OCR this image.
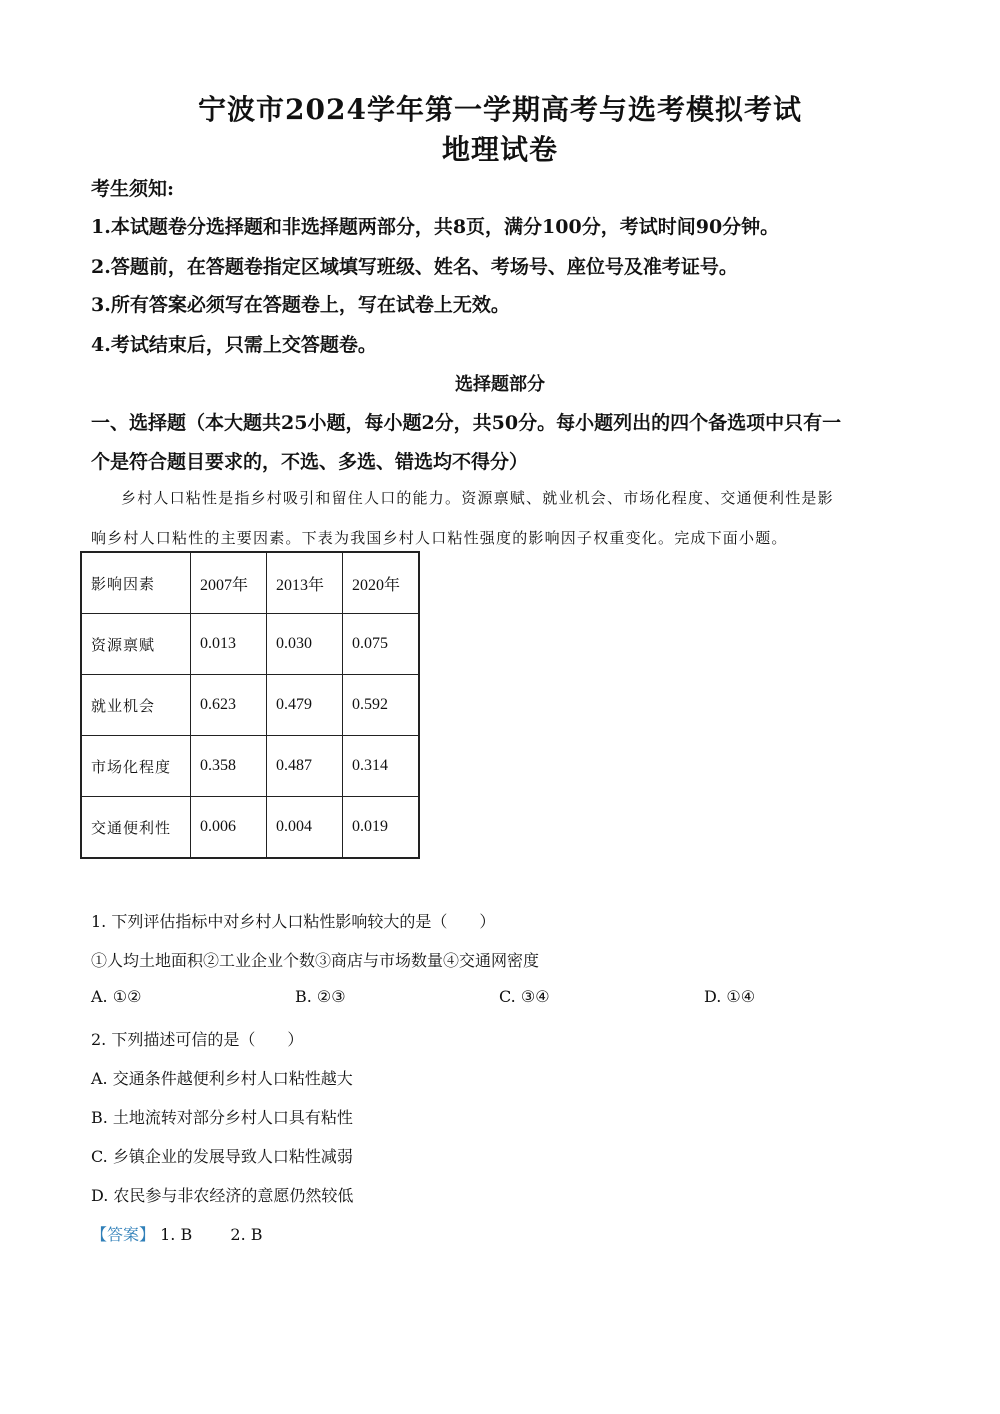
宁波市2024学年第一学期高考与选考模拟考试
地理试卷
考生须知:
1.本试题卷分选择题和非选择题两部分，共8页，满分100分，考试时间90分钟。
2.答题前，在答题卷指定区域填写班级、姓名、考场号、座位号及准考证号。
3.所有答案必须写在答题卷上，写在试卷上无效。
4.考试结束后，只需上交答题卷。
选择题部分
一、选择题（本大题共25小题，每小题2分，共50分。每小题列出的四个备选项中只有一
个是符合题目要求的，不选、多选、错选均不得分）
乡村人口粘性是指乡村吸引和留住人口的能力。资源禀赋、就业机会、市场化程度、交通便利性是影
响乡村人口粘性的主要因素。下表为我国乡村人口粘性强度的影响因子权重变化。完成下面小题。
影响因素	2007年	2013年	2020年
资源禀赋	0.013	0.030	0.075
就业机会	0.623	0.479	0.592
市场化程度	0.358	0.487	0.314
交通便利性	0.006	0.004	0.019
1. 下列评估指标中对乡村人口粘性影响较大的是（　　）
①人均土地面积②工业企业个数③商店与市场数量④交通网密度
A. ①②	B. ②③	C. ③④	D. ①④
2. 下列描述可信的是（　　）
A. 交通条件越便利乡村人口粘性越大
B. 土地流转对部分乡村人口具有粘性
C. 乡镇企业的发展导致人口粘性减弱
D. 农民参与非农经济的意愿仍然较低
【答案】 1. B 2. B
